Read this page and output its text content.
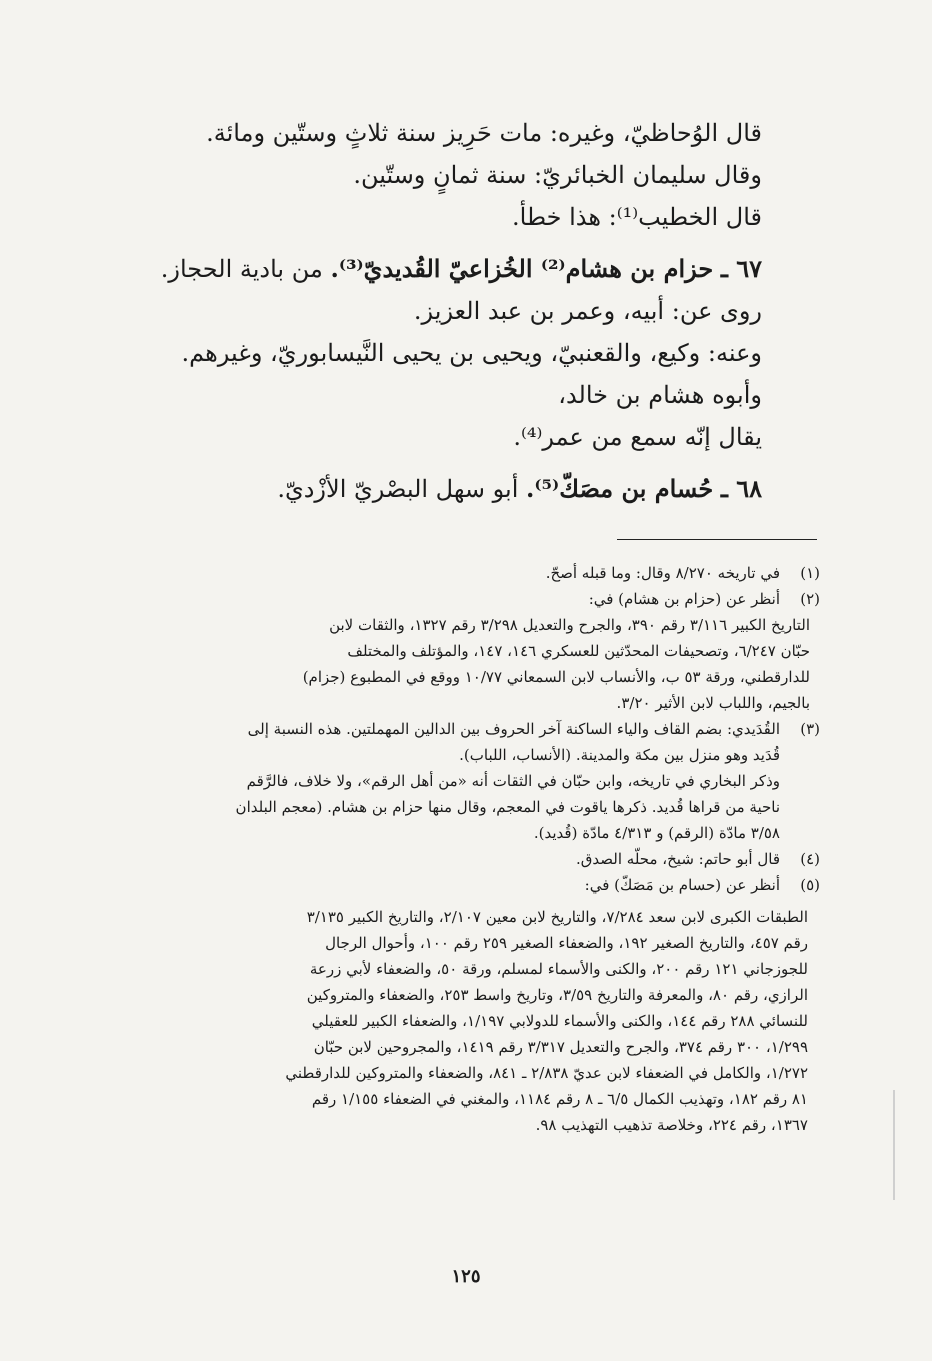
قال الوُحاظيّ، وغيره: مات حَرِيز سنة ثلاثٍ وستّين ومائة.

وقال سليمان الخبائريّ: سنة ثمانٍ وستّين.

قال الخطيب⁽¹⁾: هذا خطأ.

٦٧ ـ حزام بن هشام⁽²⁾ الخُزاعيّ القُديديّ⁽³⁾. من بادية الحجاز.

روى عن: أبيه، وعمر بن عبد العزيز.

وعنه: وكيع، والقعنبيّ، ويحيى بن يحيى النَّيسابوريّ، وغيرهم.

وأبوه هشام بن خالد،

يقال إنّه سمع من عمر⁽⁴⁾.

٦٨ ـ حُسام بن مصَكّ⁽⁵⁾. أبو سهل البصْريّ الأزْديّ.

(١)

في تاريخه ٨/٢٧٠ وقال: وما قبله أصحّ.

(٢)

أنظر عن (حزام بن هشام) في:

التاريخ الكبير ٣/١١٦ رقم ٣٩٠، والجرح والتعديل ٣/٢٩٨ رقم ١٣٢٧، والثقات لابن

حبّان ٦/٢٤٧، وتصحيفات المحدّثين للعسكري ١٤٦، ١٤٧، والمؤتلف والمختلف

للدارقطني، ورقة ٥٣ ب، والأنساب لابن السمعاني ١٠/٧٧ ووقع في المطبوع (جزام)

بالجيم، واللباب لابن الأثير ٣/٢٠.

(٣)

القُدَيدي: بضم القاف والياء الساكنة آخر الحروف بين الدالين المهملتين. هذه النسبة إلى

قُدَيد وهو منزل بين مكة والمدينة. (الأنساب، اللباب).

وذكر البخاري في تاريخه، وابن حبّان في الثقات أنه «من أهل الرقم»، ولا خلاف، فالرَّقم

ناحية من قراها قُديد. ذكرها ياقوت في المعجم، وقال منها حزام بن هشام. (معجم البلدان

٣/٥٨ مادّة (الرقم) و ٤/٣١٣ مادّة (قُديد).

(٤)

قال أبو حاتم: شيخ، محلّه الصدق.

(٥)

أنظر عن (حسام بن مَصَكّ) في:

الطبقات الكبرى لابن سعد ٧/٢٨٤، والتاريخ لابن معين ٢/١٠٧، والتاريخ الكبير ٣/١٣٥

رقم ٤٥٧، والتاريخ الصغير ١٩٢، والضعفاء الصغير ٢٥٩ رقم ١٠٠، وأحوال الرجال

للجوزجاني ١٢١ رقم ٢٠٠، والكنى والأسماء لمسلم، ورقة ٥٠، والضعفاء لأبي زرعة

الرازي، رقم ٨٠، والمعرفة والتاريخ ٣/٥٩، وتاريخ واسط ٢٥٣، والضعفاء والمتروكين

للنسائي ٢٨٨ رقم ١٤٤، والكنى والأسماء للدولابي ١/١٩٧، والضعفاء الكبير للعقيلي

١/٢٩٩، ٣٠٠ رقم ٣٧٤، والجرح والتعديل ٣/٣١٧ رقم ١٤١٩، والمجروحين لابن حبّان

١/٢٧٢، والكامل في الضعفاء لابن عديّ ٢/٨٣٨ ـ ٨٤١، والضعفاء والمتروكين للدارقطني

٨١ رقم ١٨٢، وتهذيب الكمال ٦/٥ ـ ٨ رقم ١١٨٤، والمغني في الضعفاء ١/١٥٥ رقم

١٣٦٧، رقم ٢٢٤، وخلاصة تذهيب التهذيب ٩٨.

١٢٥
